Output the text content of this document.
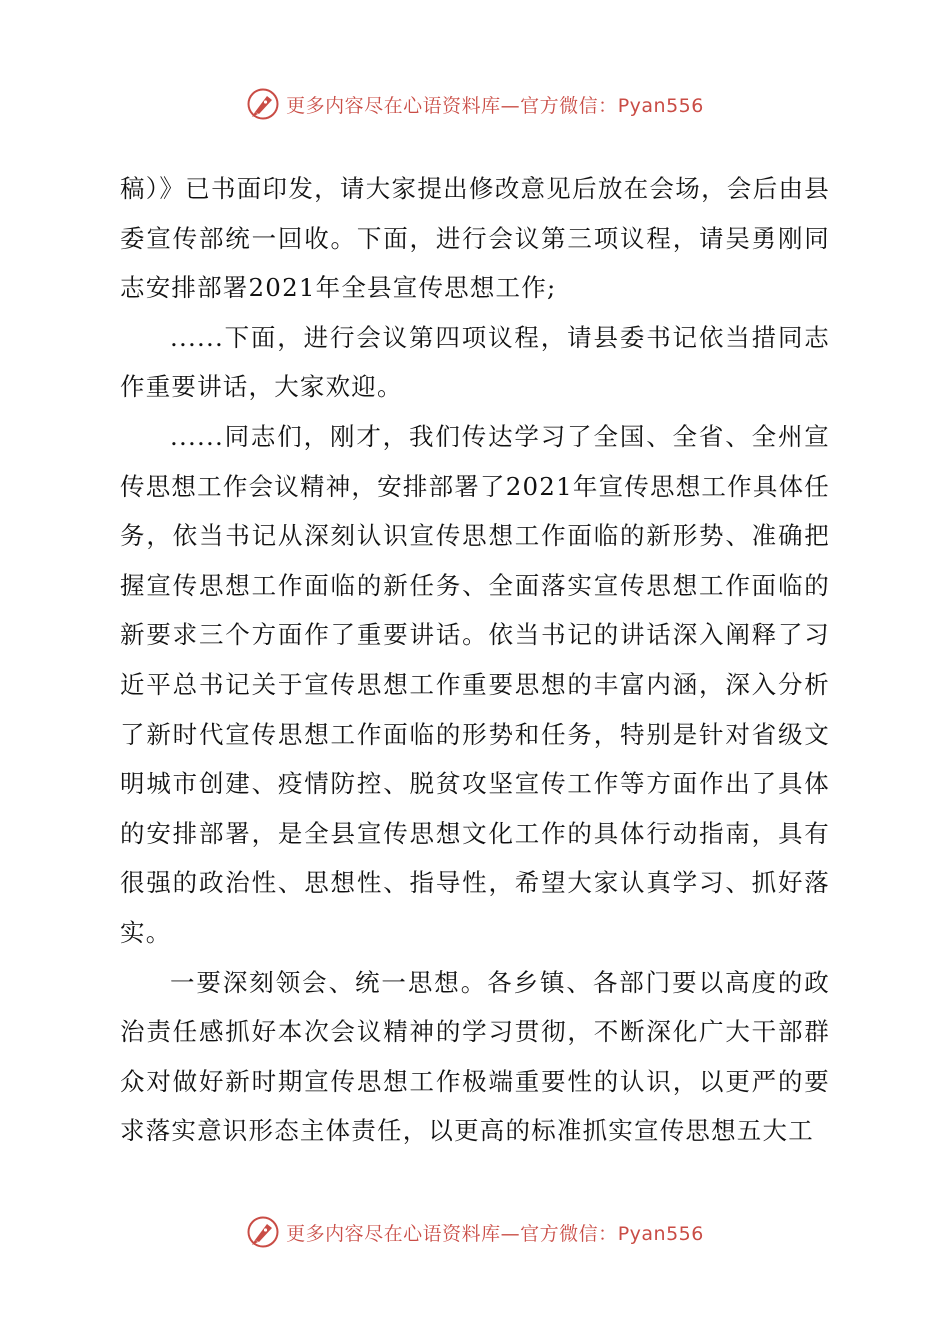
更多内容尽在心语资料库—官方微信：Pyan556

稿）》已书面印发，请大家提出修改意见后放在会场，会后由县委宣传部统一回收。下面，进行会议第三项议程，请吴勇刚同志安排部署2021年全县宣传思想工作;

......下面，进行会议第四项议程，请县委书记依当措同志作重要讲话，大家欢迎。

......同志们，刚才，我们传达学习了全国、全省、全州宣传思想工作会议精神，安排部署了2021年宣传思想工作具体任务，依当书记从深刻认识宣传思想工作面临的新形势、准确把握宣传思想工作面临的新任务、全面落实宣传思想工作面临的新要求三个方面作了重要讲话。依当书记的讲话深入阐释了习近平总书记关于宣传思想工作重要思想的丰富内涵，深入分析了新时代宣传思想工作面临的形势和任务，特别是针对省级文明城市创建、疫情防控、脱贫攻坚宣传工作等方面作出了具体的安排部署，是全县宣传思想文化工作的具体行动指南，具有很强的政治性、思想性、指导性，希望大家认真学习、抓好落实。

一要深刻领会、统一思想。各乡镇、各部门要以高度的政治责任感抓好本次会议精神的学习贯彻，不断深化广大干部群众对做好新时期宣传思想工作极端重要性的认识，以更严的要求落实意识形态主体责任，以更高的标准抓实宣传思想五大工

更多内容尽在心语资料库—官方微信：Pyan556
